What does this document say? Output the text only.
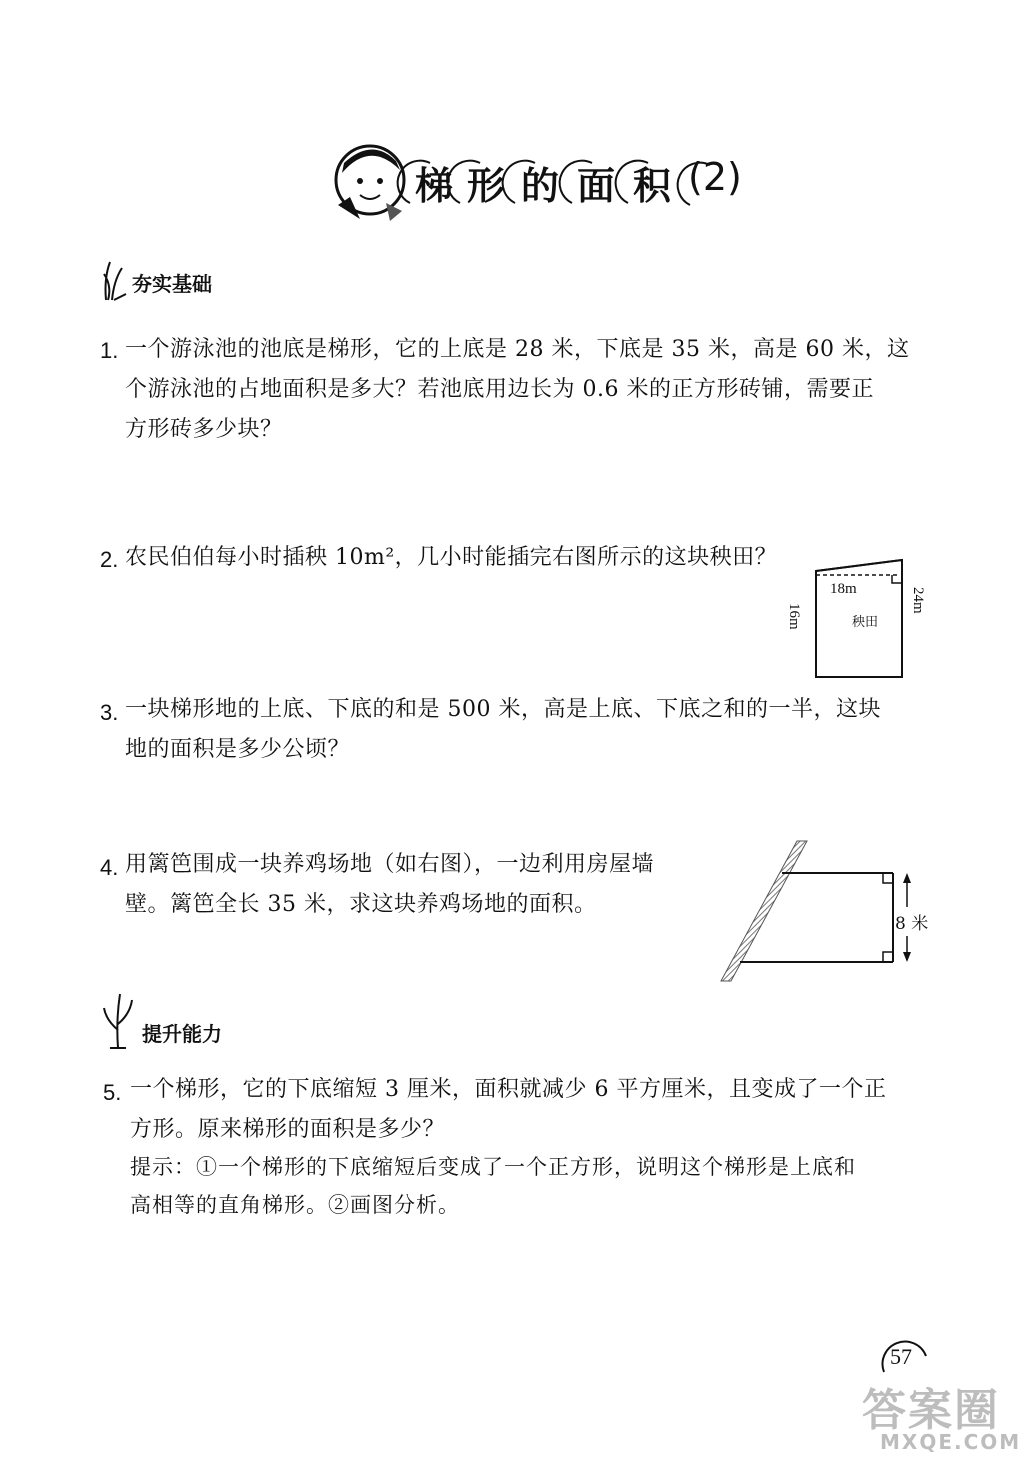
梯 形 的 面 积 (2)
夯实基础
1. 一个游泳池的池底是梯形，它的上底是 28 米，下底是 35 米，高是 60 米，这
个游泳池的占地面积是多大？若池底用边长为 0.6 米的正方形砖铺，需要正
方形砖多少块？
2. 农民伯伯每小时插秧 10m²，几小时能插完右图所示的这块秧田？
18m
秧田
16m
24m
3. 一块梯形地的上底、下底的和是 500 米，高是上底、下底之和的一半，这块
地的面积是多少公顷？
4. 用篱笆围成一块养鸡场地（如右图），一边利用房屋墙
壁。篱笆全长 35 米，求这块养鸡场地的面积。
8 米
提升能力
5. 一个梯形，它的下底缩短 3 厘米，面积就减少 6 平方厘米，且变成了一个正
方形。原来梯形的面积是多少？
提示：①一个梯形的下底缩短后变成了一个正方形，说明这个梯形是上底和
高相等的直角梯形。②画图分析。
57
答案圈
MXQE.COM
